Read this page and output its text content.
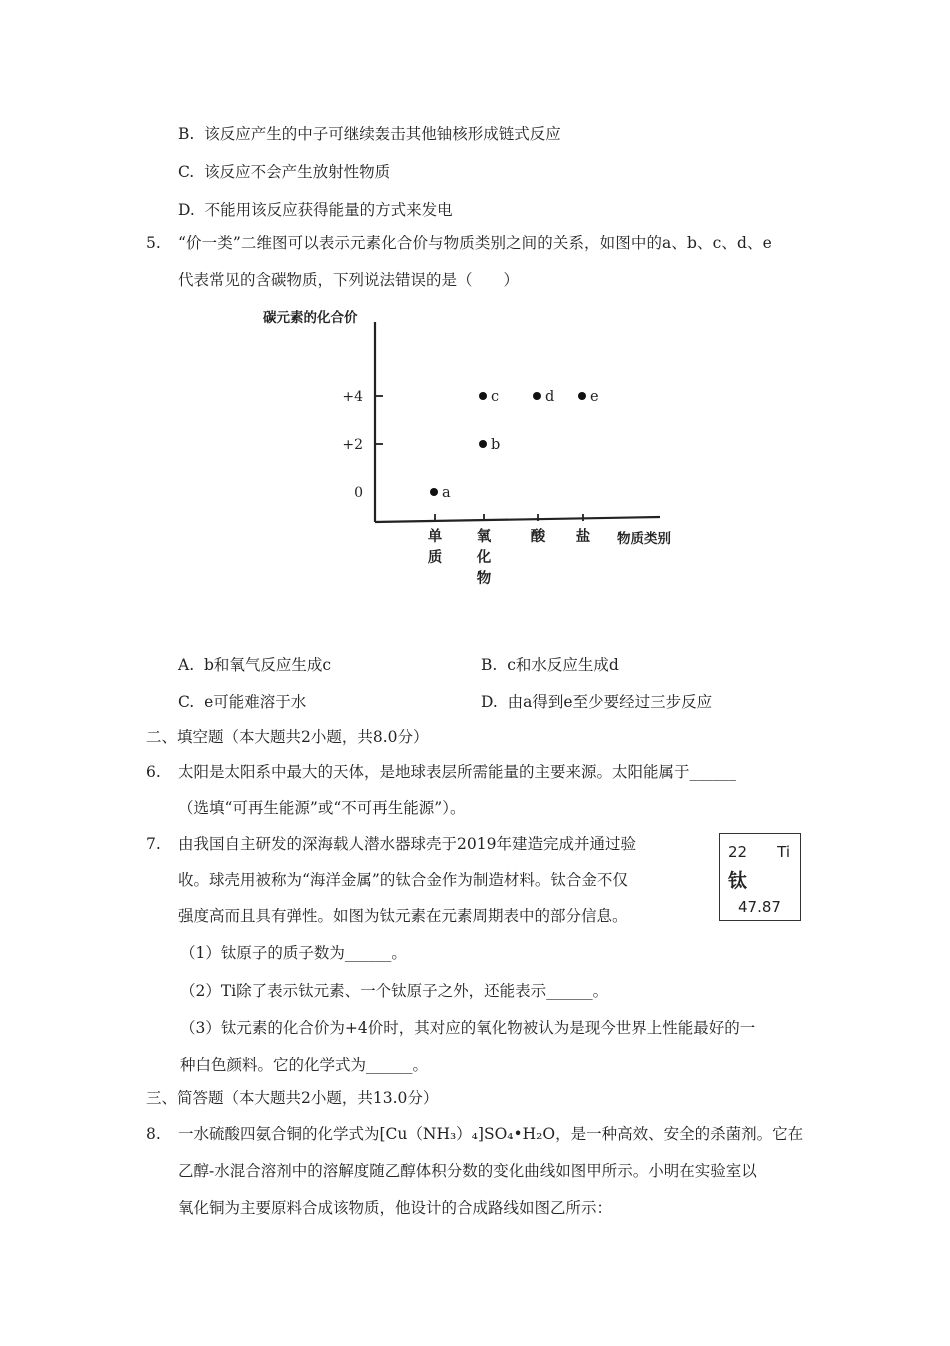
B. 该反应产生的中子可继续轰击其他铀核形成链式反应
C. 该反应不会产生放射性物质
D. 不能用该反应获得能量的方式来发电
5. “价一类”二维图可以表示元素化合价与物质类别之间的关系，如图中的a、b、c、d、e
代表常见的含碳物质，下列说法错误的是（　　）
碳元素的化合价
物质类别
+4
+2
0
单
质
氧
化
物
酸 盐
a
b
c	d e
A. b和氧气反应生成c	B. c和水反应生成d
C. e可能难溶于水	D. 由a得到e至少要经过三步反应
二、填空题（本大题共2小题，共8.0分）
6. 太阳是太阳系中最大的天体，是地球表层所需能量的主要来源。太阳能属于______
（选填“可再生能源”或“不可再生能源”）。
7. 由我国自主研发的深海载人潜水器球壳于2019年建造完成并通过验
收。球壳用被称为“海洋金属”的钛合金作为制造材料。钛合金不仅
强度高而且具有弹性。如图为钛元素在元素周期表中的部分信息。
22 Ti
钛
47.87
（1）钛原子的质子数为______。
（2）Ti除了表示钛元素、一个钛原子之外，还能表示______。
（3）钛元素的化合价为+4价时，其对应的氧化物被认为是现今世界上性能最好的一
种白色颜料。它的化学式为______。
三、简答题（本大题共2小题，共13.0分）
8. 一水硫酸四氨合铜的化学式为[Cu（NH₃）₄]SO₄•H₂O，是一种高效、安全的杀菌剂。它在
乙醇-水混合溶剂中的溶解度随乙醇体积分数的变化曲线如图甲所示。小明在实验室以
氧化铜为主要原料合成该物质，他设计的合成路线如图乙所示：
